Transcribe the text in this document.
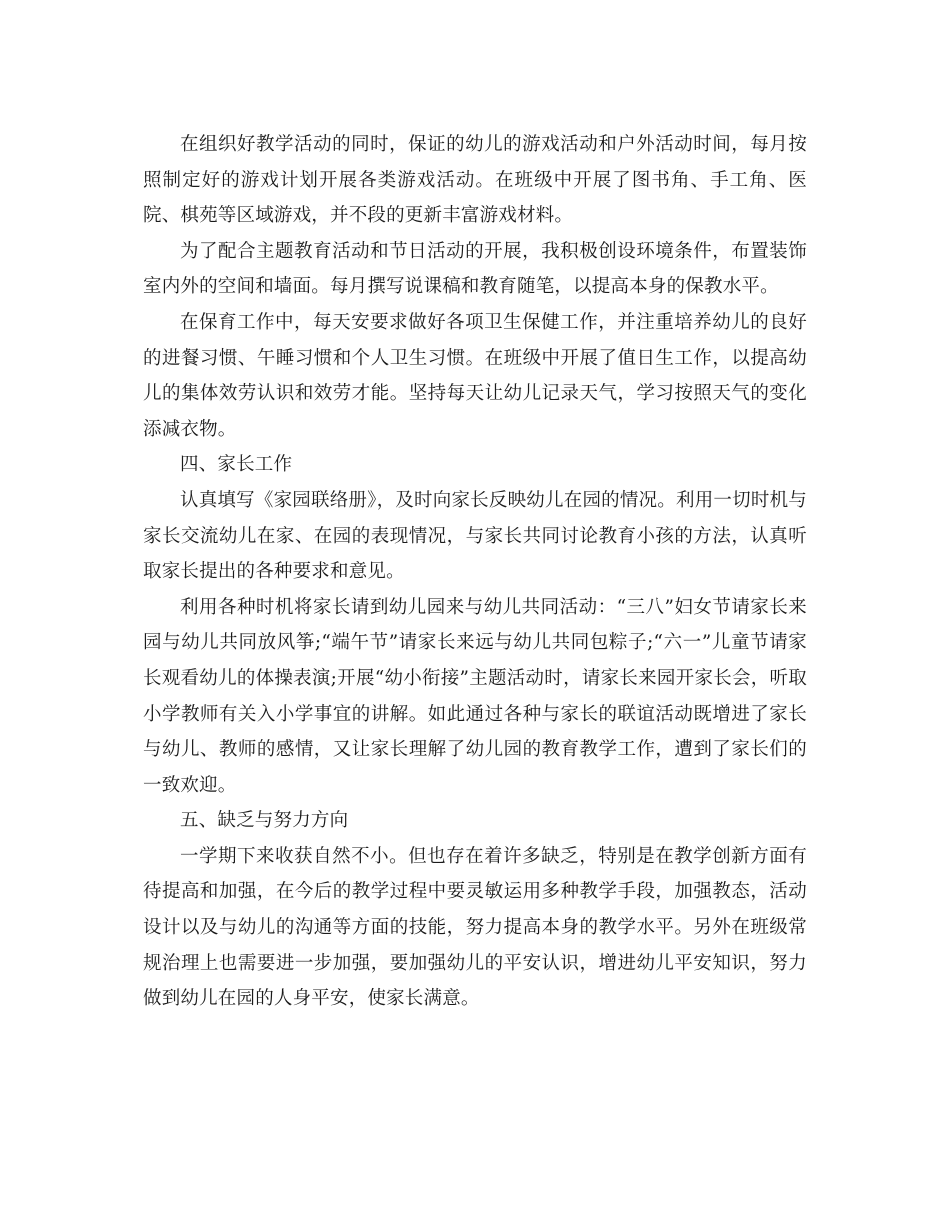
在组织好教学活动的同时，保证的幼儿的游戏活动和户外活动时间，每月按照制定好的游戏计划开展各类游戏活动。在班级中开展了图书角、手工角、医院、棋苑等区域游戏，并不段的更新丰富游戏材料。

为了配合主题教育活动和节日活动的开展，我积极创设环境条件，布置装饰室内外的空间和墙面。每月撰写说课稿和教育随笔，以提高本身的保教水平。

在保育工作中，每天安要求做好各项卫生保健工作，并注重培养幼儿的良好的进餐习惯、午睡习惯和个人卫生习惯。在班级中开展了值日生工作，以提高幼儿的集体效劳认识和效劳才能。坚持每天让幼儿记录天气，学习按照天气的变化添减衣物。

四、家长工作

认真填写《家园联络册》，及时向家长反映幼儿在园的情况。利用一切时机与家长交流幼儿在家、在园的表现情况，与家长共同讨论教育小孩的方法，认真听取家长提出的各种要求和意见。

利用各种时机将家长请到幼儿园来与幼儿共同活动：“三八”妇女节请家长来园与幼儿共同放风筝;“端午节”请家长来远与幼儿共同包粽子;“六一”儿童节请家长观看幼儿的体操表演;开展“幼小衔接”主题活动时，请家长来园开家长会，听取小学教师有关入小学事宜的讲解。如此通过各种与家长的联谊活动既增进了家长与幼儿、教师的感情，又让家长理解了幼儿园的教育教学工作，遭到了家长们的一致欢迎。

五、缺乏与努力方向

一学期下来收获自然不小。但也存在着许多缺乏，特别是在教学创新方面有待提高和加强，在今后的教学过程中要灵敏运用多种教学手段，加强教态，活动设计以及与幼儿的沟通等方面的技能，努力提高本身的教学水平。另外在班级常规治理上也需要进一步加强，要加强幼儿的平安认识，增进幼儿平安知识，努力做到幼儿在园的人身平安，使家长满意。
